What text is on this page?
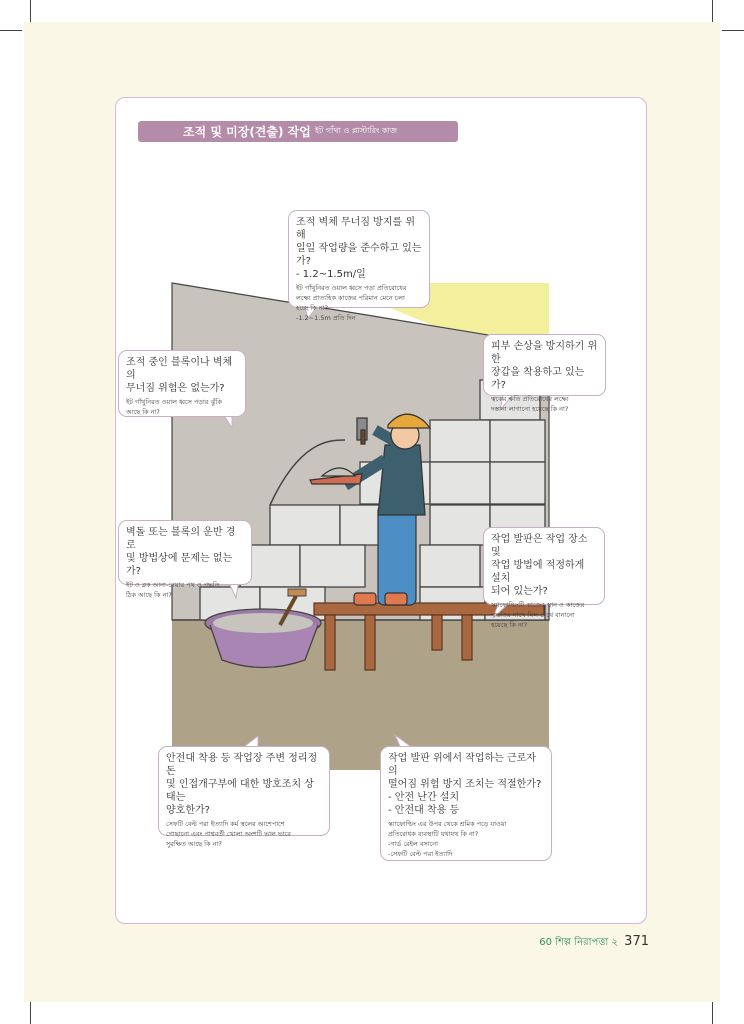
조적 및 미장(견출) 작업 ইট গাঁথা ও প্লাস্টারিং কাজ
조적 벽체 무너짐 방지를 위해
일일 작업량을 준수하고 있는가?
- 1.2~1.5m/일
ইট গাঁথুনিরত ওয়াল ধ্বসে পড়া প্রতিরোধের
লক্ষ্যে প্রাত্যহিক কাজের পরিমান মেনে চলা
হচ্ছে কি না?
-1.2~1.5m প্রতি দিন
피부 손상을 방지하기 위한
장갑을 착용하고 있는가?
ত্বকের ক্ষতি প্রতিরোধের লক্ষ্যে
দস্তানা লাগানো হয়েছে কি না?
조적 중인 블록이나 벽체의
무너짐 위험은 없는가?
ইট গাঁথুনিরত ওয়াল ধ্বসে পড়ার ঝুঁকি
আছে কি না?
벽돌 또는 블록의 운반 경로
및 방법상에 문제는 없는가?
ইট ও ব্লক আনা-নেয়ার পথ ও পদ্ধতি
ঠিক আছে কি না?
작업 발판은 작업 장소 및
작업 방법에 적정하게 설치
되어 있는가?
স্ক্যাফোল্ডিংটি কাজের স্থান ও কাজের
পদ্ধতির সাথে মিল রেখে বানানো
হয়েছে কি না?
안전대 착용 등 작업장 주변 정리정돈
및 인접개구부에 대한 방호조치 상태는
양호한가?
সেফটি বেল্ট পরা ইত্যাদি কর্ম স্থলের আশেপাশে
গোছানো এবং পাশ্ববর্তী খোলা অংশটি ভাল ভাবে
সুরক্ষিত আছে কি না?
작업 발판 위에서 작업하는 근로자의
떨어짐 위험 방지 조치는 적절한가?
- 안전 난간 설치
- 안전대 착용 등
স্ক্যাফোল্ডিং এর উপর থেকে শ্রমিক পড়ে যাওয়া
প্রতিরোধক ব্যবস্থাটি যথাযথ কি না?
-গার্ড রেইল বসানো
-সেফটি বেল্ট পরা ইত্যাদি
60 শিল্প নিরাপত্তা ২ 371
